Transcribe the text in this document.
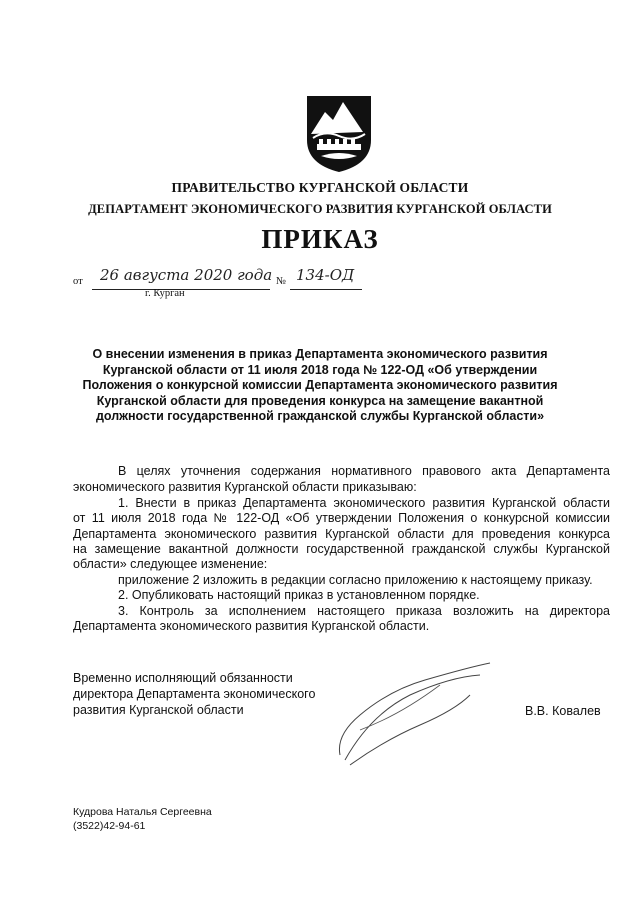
ПРАВИТЕЛЬСТВО КУРГАНСКОЙ ОБЛАСТИ
ДЕПАРТАМЕНТ ЭКОНОМИЧЕСКОГО РАЗВИТИЯ КУРГАНСКОЙ ОБЛАСТИ
ПРИКАЗ
от 26 августа 2020 года № 134-ОД
г. Курган
О внесении изменения в приказ Департамента экономического развития Курганской области от 11 июля 2018 года № 122-ОД «Об утверждении Положения о конкурсной комиссии Департамента экономического развития Курганской области для проведения конкурса на замещение вакантной должности государственной гражданской службы Курганской области»
В целях уточнения содержания нормативного правового акта Департамента
экономического развития Курганской области приказываю:
1. Внести в приказ Департамента экономического развития Курганской области
от 11 июля 2018 года № 122-ОД «Об утверждении Положения о конкурсной комиссии
Департамента экономического развития Курганской области для проведения конкурса
на замещение вакантной должности государственной гражданской службы Курганской
области» следующее изменение:
приложение 2 изложить в редакции согласно приложению к настоящему приказу.
2. Опубликовать настоящий приказ в установленном порядке.
3. Контроль за исполнением настоящего приказа возложить на директора
Департамента экономического развития Курганской области.
Временно исполняющий обязанности
директора Департамента экономического
развития Курганской области	В.В. Ковалев
Кудрова Наталья Сергеевна
(3522)42-94-61
